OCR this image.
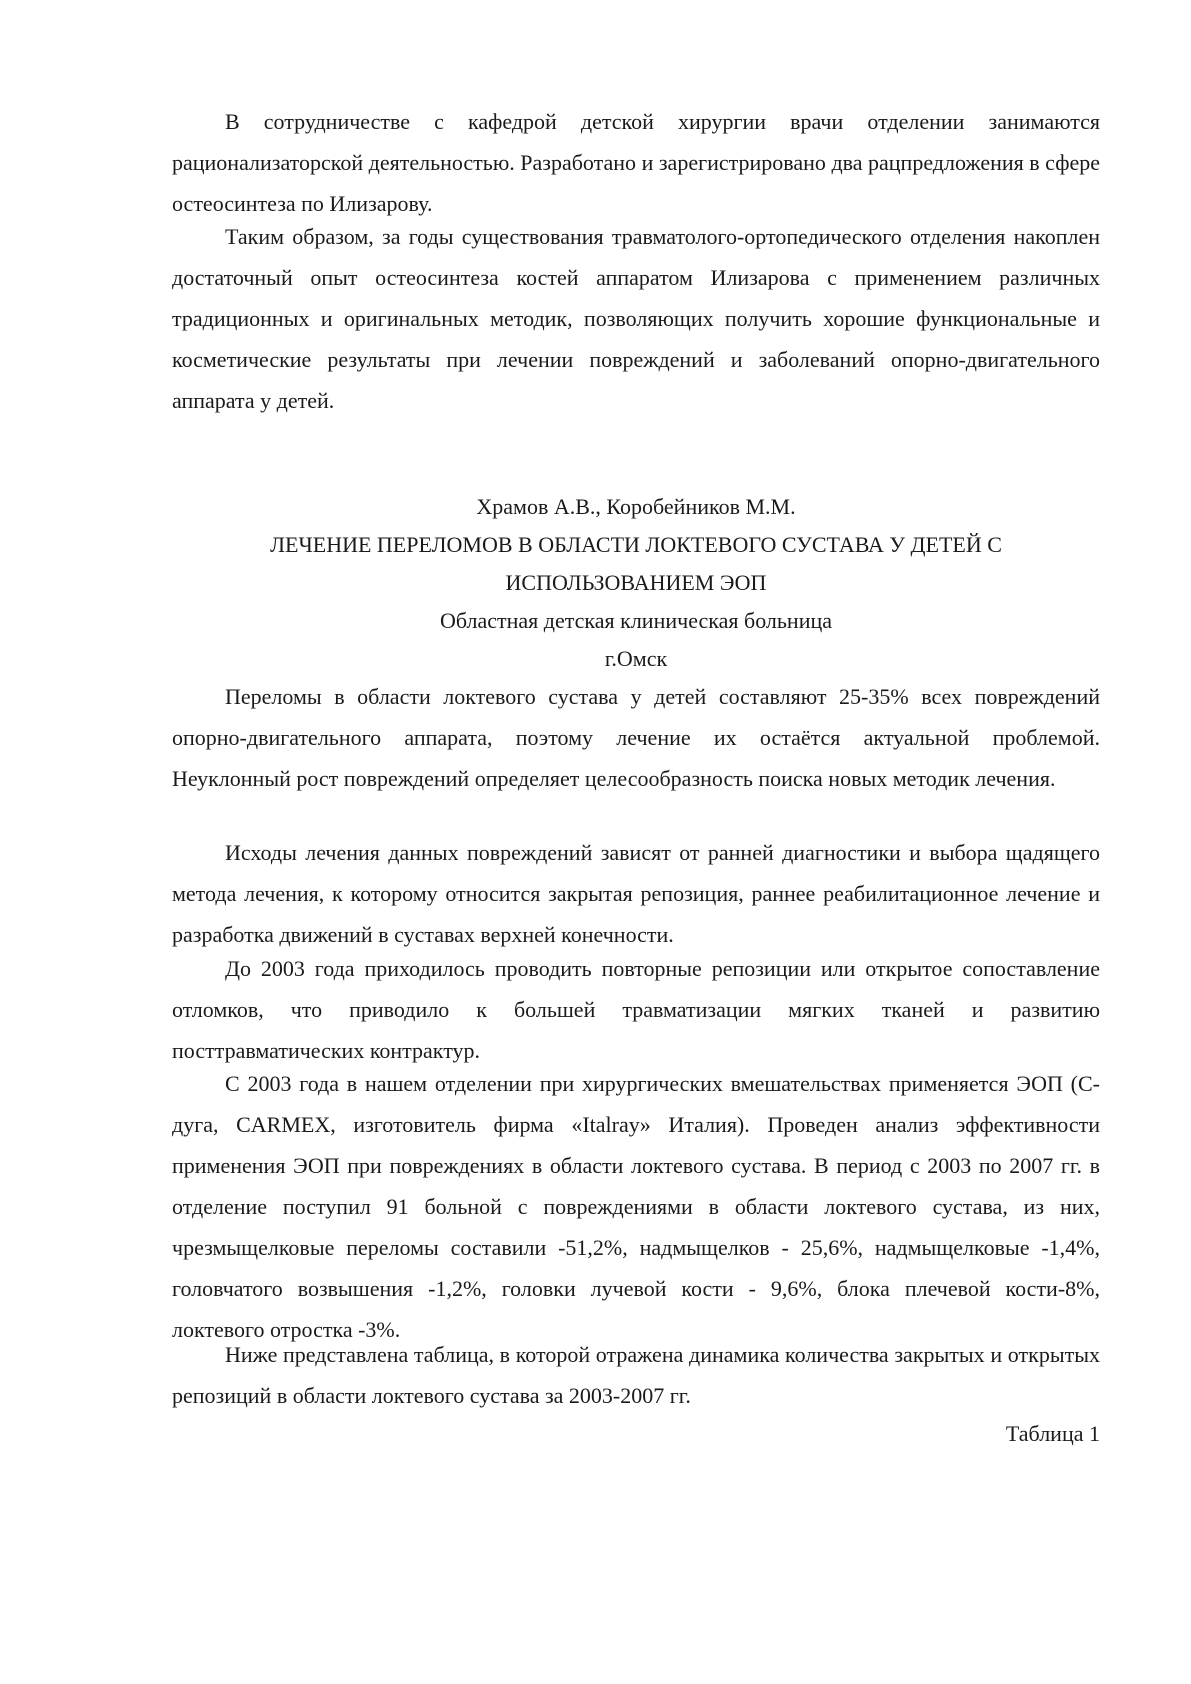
В сотрудничестве с кафедрой детской хирургии врачи отделении занимаются рационализаторской деятельностью. Разработано и зарегистрировано два рацпредложения в сфере остеосинтеза по Илизарову.

Таким образом, за годы существования травматолого-ортопедического отделения накоплен достаточный опыт остеосинтеза костей аппаратом Илизарова с применением различных традиционных и оригинальных методик, позволяющих получить хорошие функциональные и косметические результаты при лечении повреждений и заболеваний опорно-двигательного аппарата у детей.

Храмов А.В., Коробейников М.М.

ЛЕЧЕНИЕ ПЕРЕЛОМОВ В ОБЛАСТИ ЛОКТЕВОГО СУСТАВА У ДЕТЕЙ С

ИСПОЛЬЗОВАНИЕМ ЭОП

Областная детская клиническая больница

г.Омск

Переломы в области локтевого сустава у детей составляют 25-35% всех повреждений опорно-двигательного аппарата, поэтому лечение их остаётся актуальной проблемой. Неуклонный рост повреждений определяет целесообразность поиска новых методик лечения.

Исходы лечения данных повреждений зависят от ранней диагностики и выбора щадящего метода лечения, к которому относится закрытая репозиция, раннее реабилитационное лечение и разработка движений в суставах верхней конечности.

До 2003 года приходилось проводить повторные репозиции или открытое сопоставление отломков, что приводило к большей травматизации мягких тканей и развитию посттравматических контрактур.

С 2003 года в нашем отделении при хирургических вмешательствах применяется ЭОП (С-дуга, CARMEX, изготовитель фирма «Italray» Италия). Проведен анализ эффективности применения ЭОП при повреждениях в области локтевого сустава. В период с 2003 по 2007 гг. в отделение поступил 91 больной с повреждениями в области локтевого сустава, из них, чрезмыщелковые переломы составили -51,2%, надмыщелков - 25,6%, надмыщелковые -1,4%, головчатого возвышения -1,2%, головки лучевой кости - 9,6%, блока плечевой кости-8%, локтевого отростка -3%.

Ниже представлена таблица, в которой отражена динамика количества закрытых и открытых репозиций в области локтевого сустава за 2003-2007 гг.

Таблица 1
